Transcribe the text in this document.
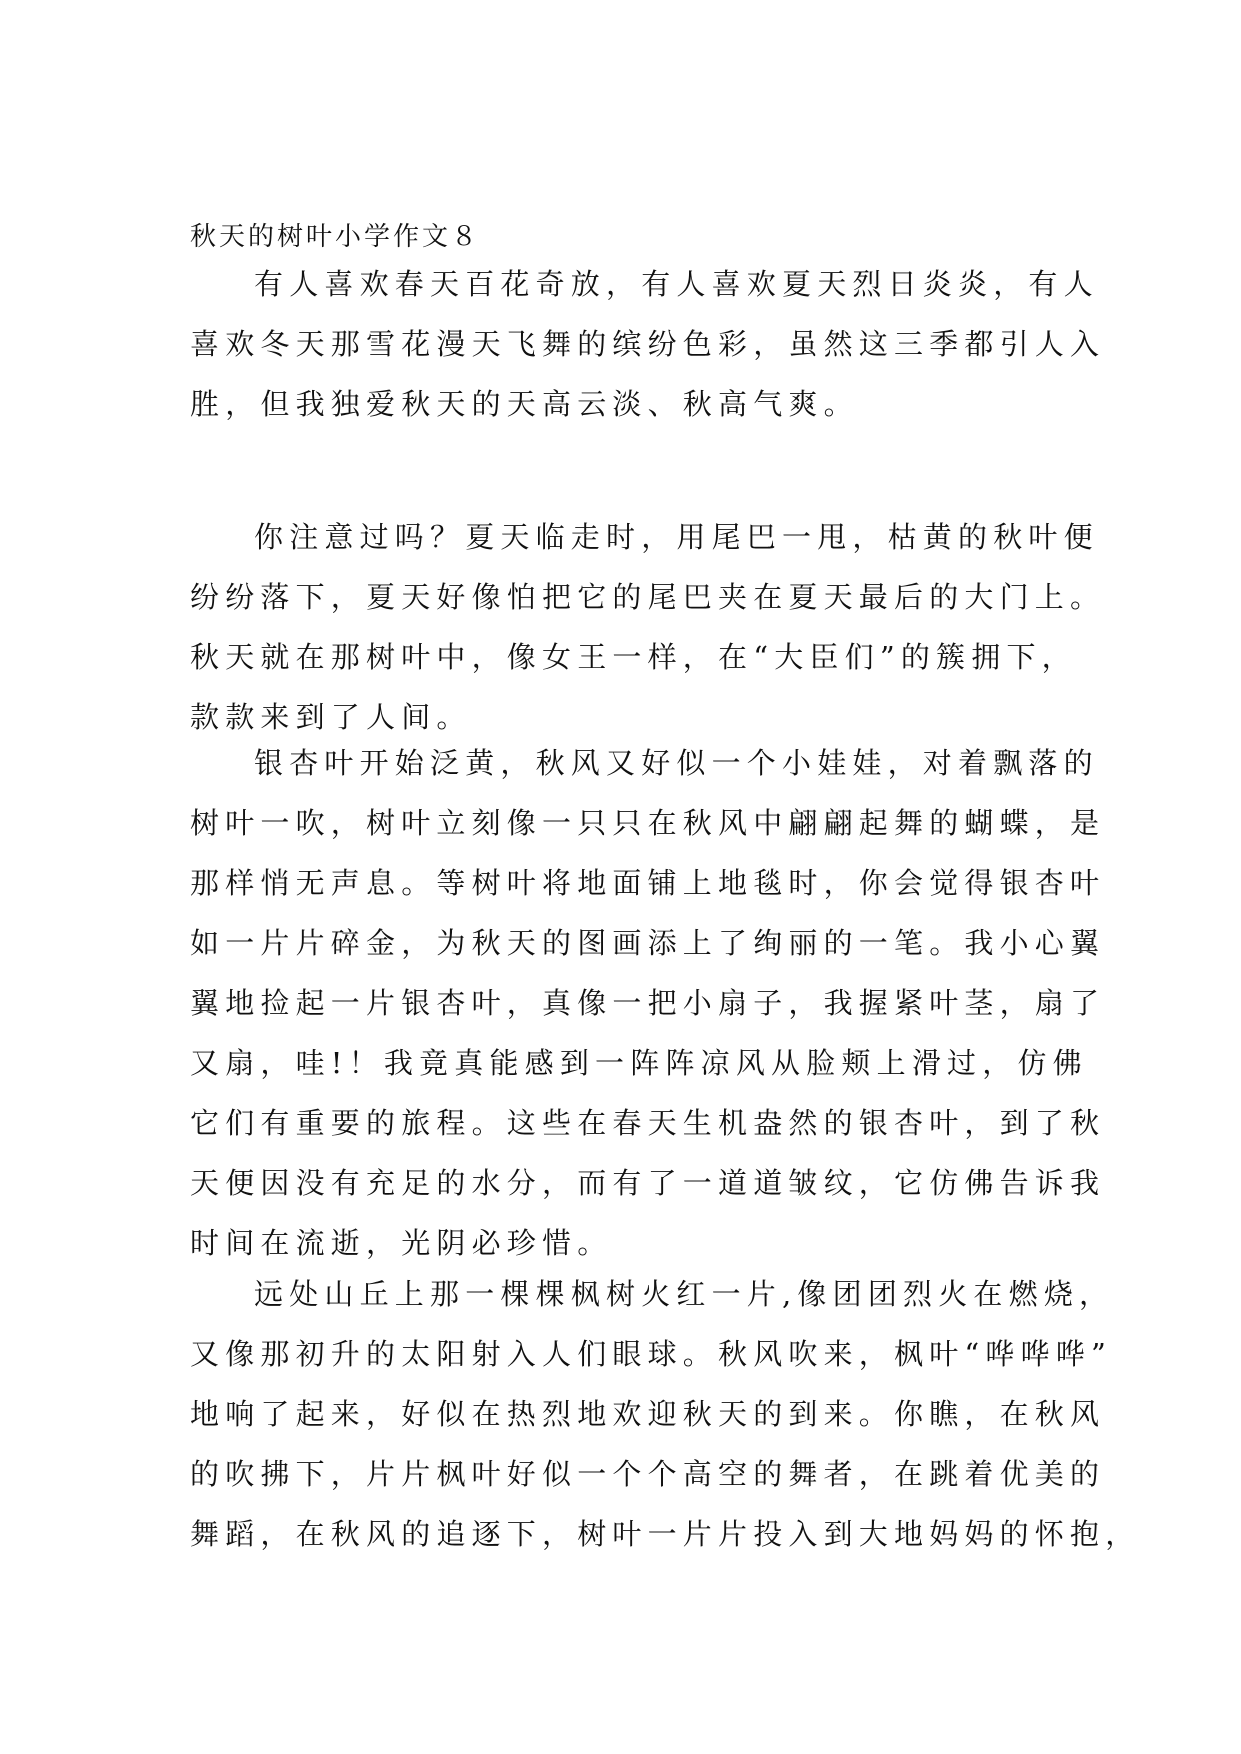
秋天的树叶小学作文８
有人喜欢春天百花奇放，有人喜欢夏天烈日炎炎，有人
喜欢冬天那雪花漫天飞舞的缤纷色彩，虽然这三季都引人入
胜，但我独爱秋天的天高云淡、秋高气爽。
你注意过吗？夏天临走时，用尾巴一甩，枯黄的秋叶便
纷纷落下，夏天好像怕把它的尾巴夹在夏天最后的大门上。
秋天就在那树叶中，像女王一样，在“大臣们”的簇拥下，
款款来到了人间。
银杏叶开始泛黄，秋风又好似一个小娃娃，对着飘落的
树叶一吹，树叶立刻像一只只在秋风中翩翩起舞的蝴蝶，是
那样悄无声息。等树叶将地面铺上地毯时，你会觉得银杏叶
如一片片碎金，为秋天的图画添上了绚丽的一笔。我小心翼
翼地捡起一片银杏叶，真像一把小扇子，我握紧叶茎，扇了
又扇，哇!！我竟真能感到一阵阵凉风从脸颊上滑过，仿佛
它们有重要的旅程。这些在春天生机盎然的银杏叶，到了秋
天便因没有充足的水分，而有了一道道皱纹，它仿佛告诉我
时间在流逝，光阴必珍惜。
远处山丘上那一棵棵枫树火红一片,像团团烈火在燃烧，
又像那初升的太阳射入人们眼球。秋风吹来，枫叶“哗哗哗”
地响了起来，好似在热烈地欢迎秋天的到来。你瞧，在秋风
的吹拂下，片片枫叶好似一个个高空的舞者，在跳着优美的
舞蹈，在秋风的追逐下，树叶一片片投入到大地妈妈的怀抱，
